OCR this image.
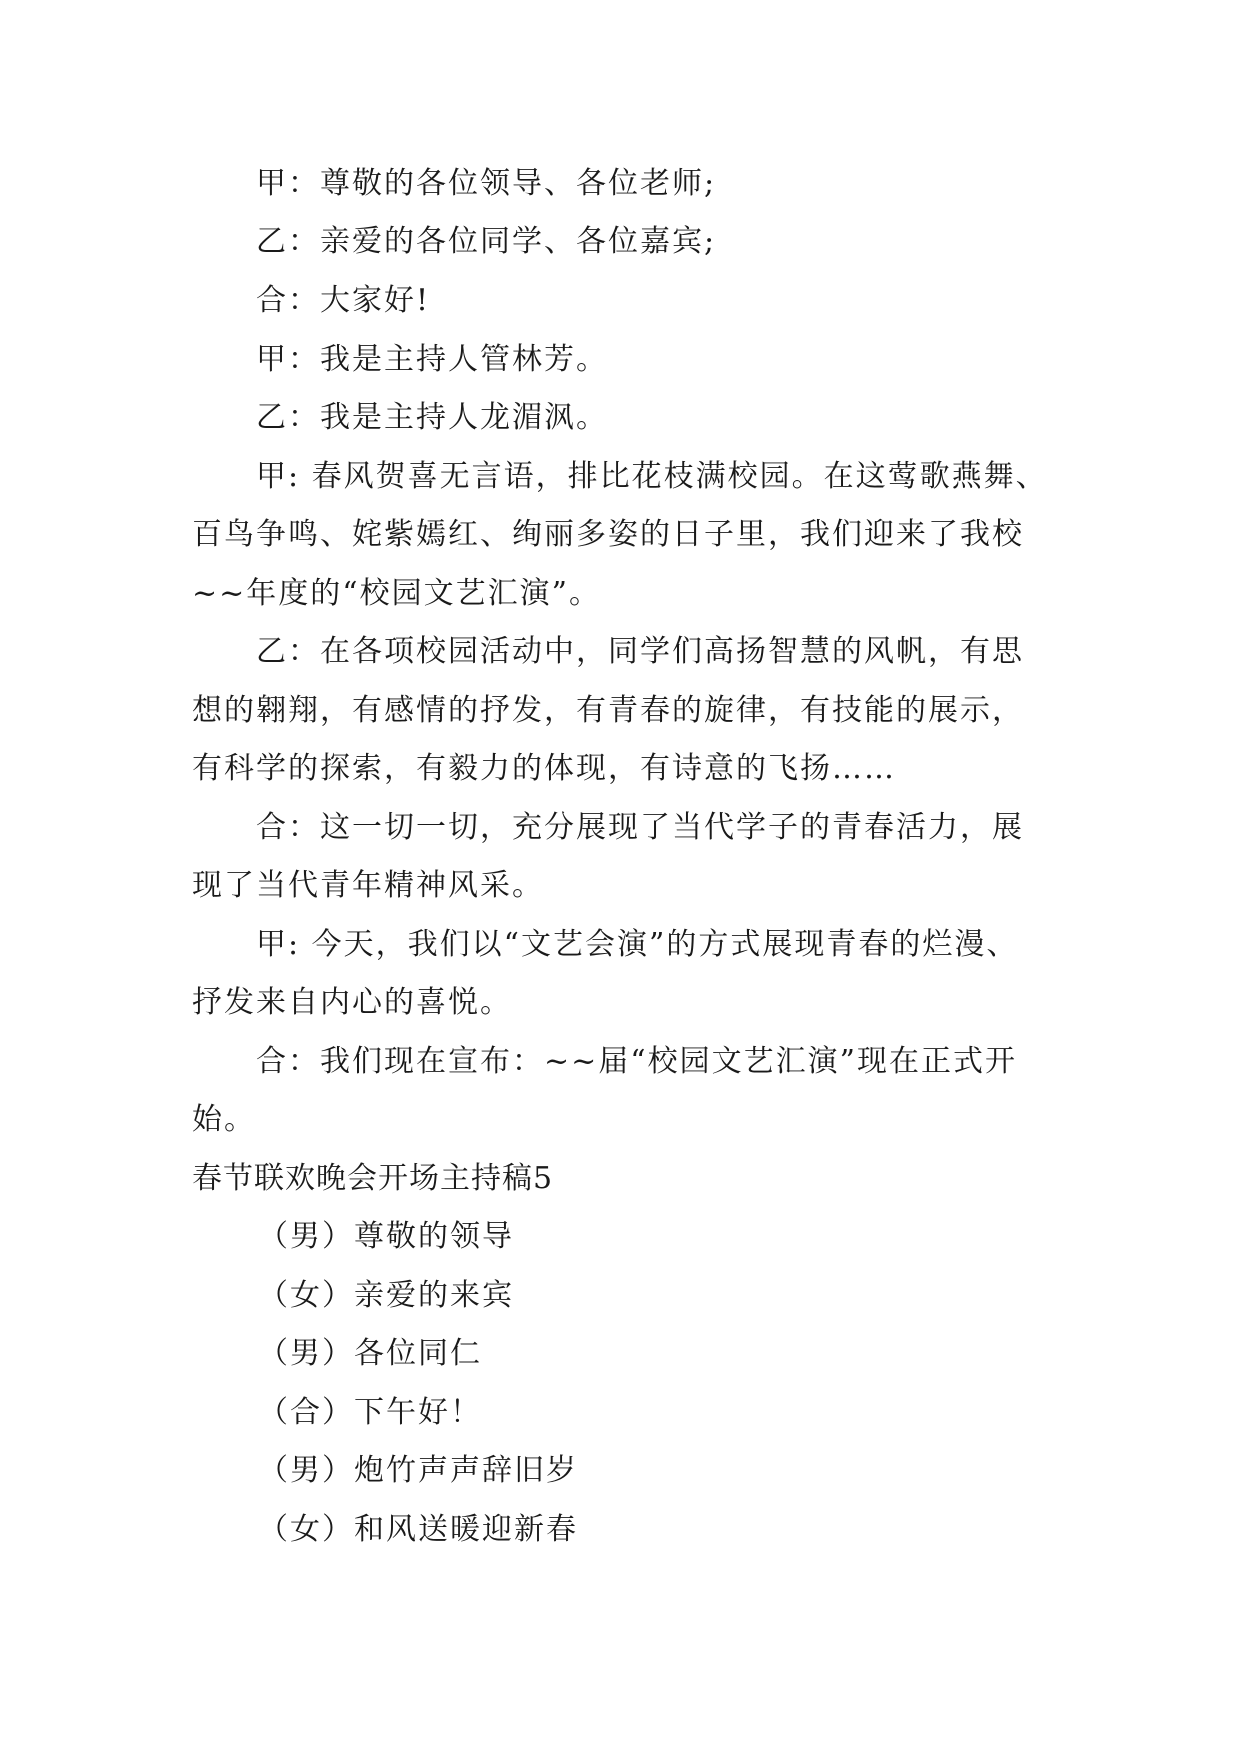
甲：尊敬的各位领导、各位老师;
乙：亲爱的各位同学、各位嘉宾;
合：大家好!
甲：我是主持人管林芳。
乙：我是主持人龙湄沨。
甲: 春风贺喜无言语，排比花枝满校园。在这莺歌燕舞、
百鸟争鸣、姹紫嫣红、绚丽多姿的日子里，我们迎来了我校
~~年度的“校园文艺汇演”。
乙：在各项校园活动中，同学们高扬智慧的风帆，有思
想的翱翔，有感情的抒发，有青春的旋律，有技能的展示，
有科学的探索，有毅力的体现，有诗意的飞扬……
合：这一切一切，充分展现了当代学子的青春活力，展
现了当代青年精神风采。
甲: 今天，我们以“文艺会演”的方式展现青春的烂漫、
抒发来自内心的喜悦。
合：我们现在宣布：~~届“校园文艺汇演”现在正式开
始。
春节联欢晚会开场主持稿5
（男）尊敬的领导
（女）亲爱的来宾
（男）各位同仁
（合）下午好！
（男）炮竹声声辞旧岁
（女）和风送暖迎新春
